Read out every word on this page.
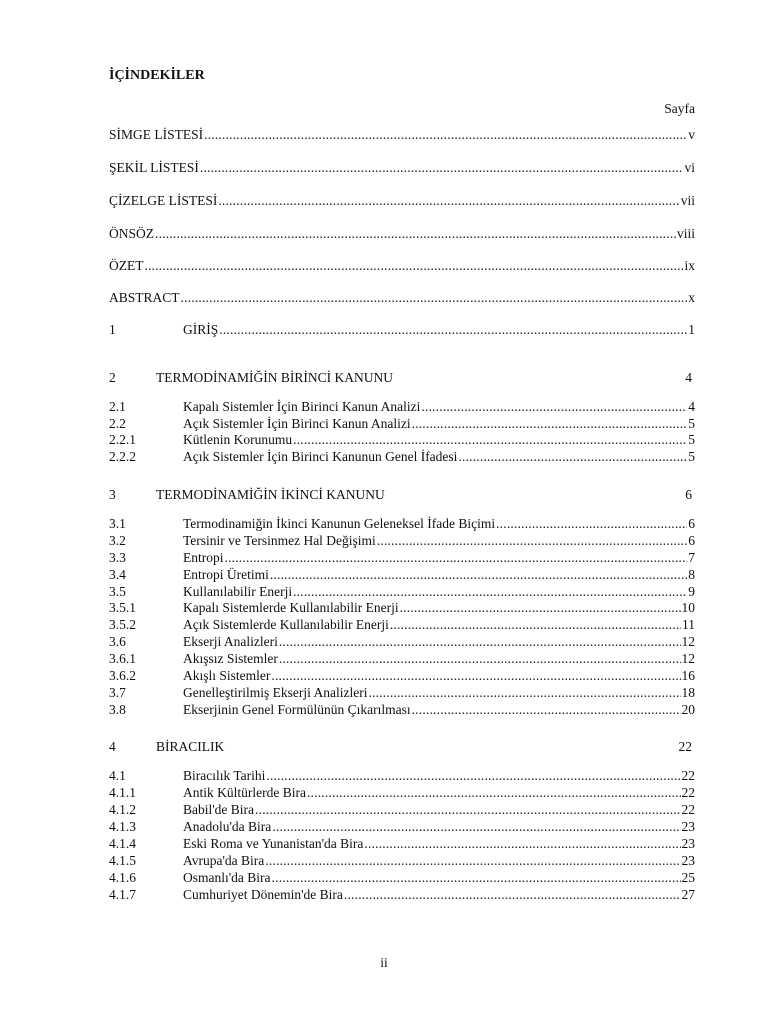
İÇİNDEKİLER
Sayfa
SİMGE LİSTESİ .....	v
ŞEKİL LİSTESİ .....	vi
ÇİZELGE LİSTESİ .....	vii
ÖNSÖZ .....	viii
ÖZET .....	ix
ABSTRACT .....	x
1	GİRİŞ .....	1
2	TERMODİNAMİĞİN BİRİNCİ KANUNU	4
2.1	Kapalı Sistemler İçin Birinci Kanun Analizi .....	4
2.2	Açık Sistemler İçin Birinci Kanun Analizi .....	5
2.2.1	Kütlenin Korunumu .....	5
2.2.2	Açık Sistemler İçin Birinci Kanunun Genel İfadesi .....	5
3	TERMODİNAMİĞİN İKİNCİ KANUNU	6
3.1	Termodinamiğin İkinci Kanunun Geleneksel İfade Biçimi .....	6
3.2	Tersinir ve Tersinmez Hal Değişimi .....	6
3.3	Entropi .....	7
3.4	Entropi Üretimi .....	8
3.5	Kullanılabilir Enerji .....	9
3.5.1	Kapalı Sistemlerde Kullanılabilir Enerji .....	10
3.5.2	Açık Sistemlerde Kullanılabilir Enerji .....	11
3.6	Ekserji Analizleri .....	12
3.6.1	Akışsız Sistemler .....	12
3.6.2	Akışlı Sistemler .....	16
3.7	Genelleştirilmiş Ekserji Analizleri .....	18
3.8	Ekserjinin Genel Formülünün Çıkarılması .....	20
4	BİRACILIK	22
4.1	Biracılık Tarihi .....	22
4.1.1	Antik Kültürlerde Bira .....	22
4.1.2	Babil'de Bira .....	22
4.1.3	Anadolu'da Bira .....	23
4.1.4	Eski Roma ve Yunanistan'da Bira .....	23
4.1.5	Avrupa'da Bira .....	23
4.1.6	Osmanlı'da Bira .....	25
4.1.7	Cumhuriyet Dönemin'de Bira .....	27
ii
